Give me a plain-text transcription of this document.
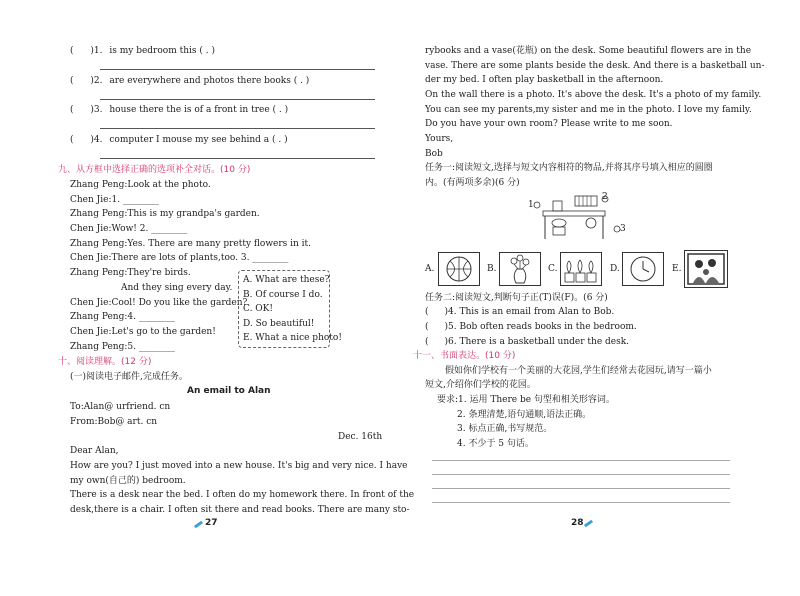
( )1. is my bedroom this ( . )
( )2. are everywhere and photos there books ( . )
( )3. house there the is of a front in tree ( . )
( )4. computer I mouse my see behind a ( . )
九、从方框中选择正确的选项补全对话。(10 分)
Zhang Peng:Look at the photo.
Chen Jie:1. ________
Zhang Peng:This is my grandpa's garden.
Chen Jie:Wow! 2. ________
Zhang Peng:Yes. There are many pretty flowers in it.
Chen Jie:There are lots of plants,too. 3. ________
Zhang Peng:They're birds.
And they sing every day.
Chen Jie:Cool! Do you like the garden?
Zhang Peng:4. ________
Chen Jie:Let's go to the garden!
Zhang Peng:5. ________
A. What are these?
B. Of course I do.
C. OK!
D. So beautiful!
E. What a nice photo!
十、阅读理解。(12 分)
(一)阅读电子邮件,完成任务。
An email to Alan
To:Alan@ urfriend. cn
From:Bob@ art. cn
Dec. 16th
Dear Alan,
How are you? I just moved into a new house. It's big and very nice. I have
my own(自己的) bedroom.
There is a desk near the bed. I often do my homework there. In front of the
desk,there is a chair. I often sit there and read books. There are many sto-
27
rybooks and a vase(花瓶) on the desk. Some beautiful flowers are in the
vase. There are some plants beside the desk. And there is a basketball un-
der my bed. I often play basketball in the afternoon.
On the wall there is a photo. It's above the desk. It's a photo of my family.
You can see my parents,my sister and me in the photo. I love my family.
Do you have your own room? Please write to me soon.
Yours,
Bob
任务一:阅读短文,选择与短文内容相符的物品,并将其序号填入相应的圆圈
内。(有两项多余)(6 分)
1
2
3
A.	B.	C.	D.	E.
任务二:阅读短文,判断句子正(T)误(F)。(6 分)
( )4. This is an email from Alan to Bob.
( )5. Bob often reads books in the bedroom.
( )6. There is a basketball under the desk.
十一、书面表达。(10 分)
假如你们学校有一个美丽的大花园,学生们经常去花园玩,请写一篇小
短文,介绍你们学校的花园。
要求:1. 运用 There be 句型和相关形容词。
2. 条理清楚,语句通顺,语法正确。
3. 标点正确,书写规范。
4. 不少于 5 句话。
28
